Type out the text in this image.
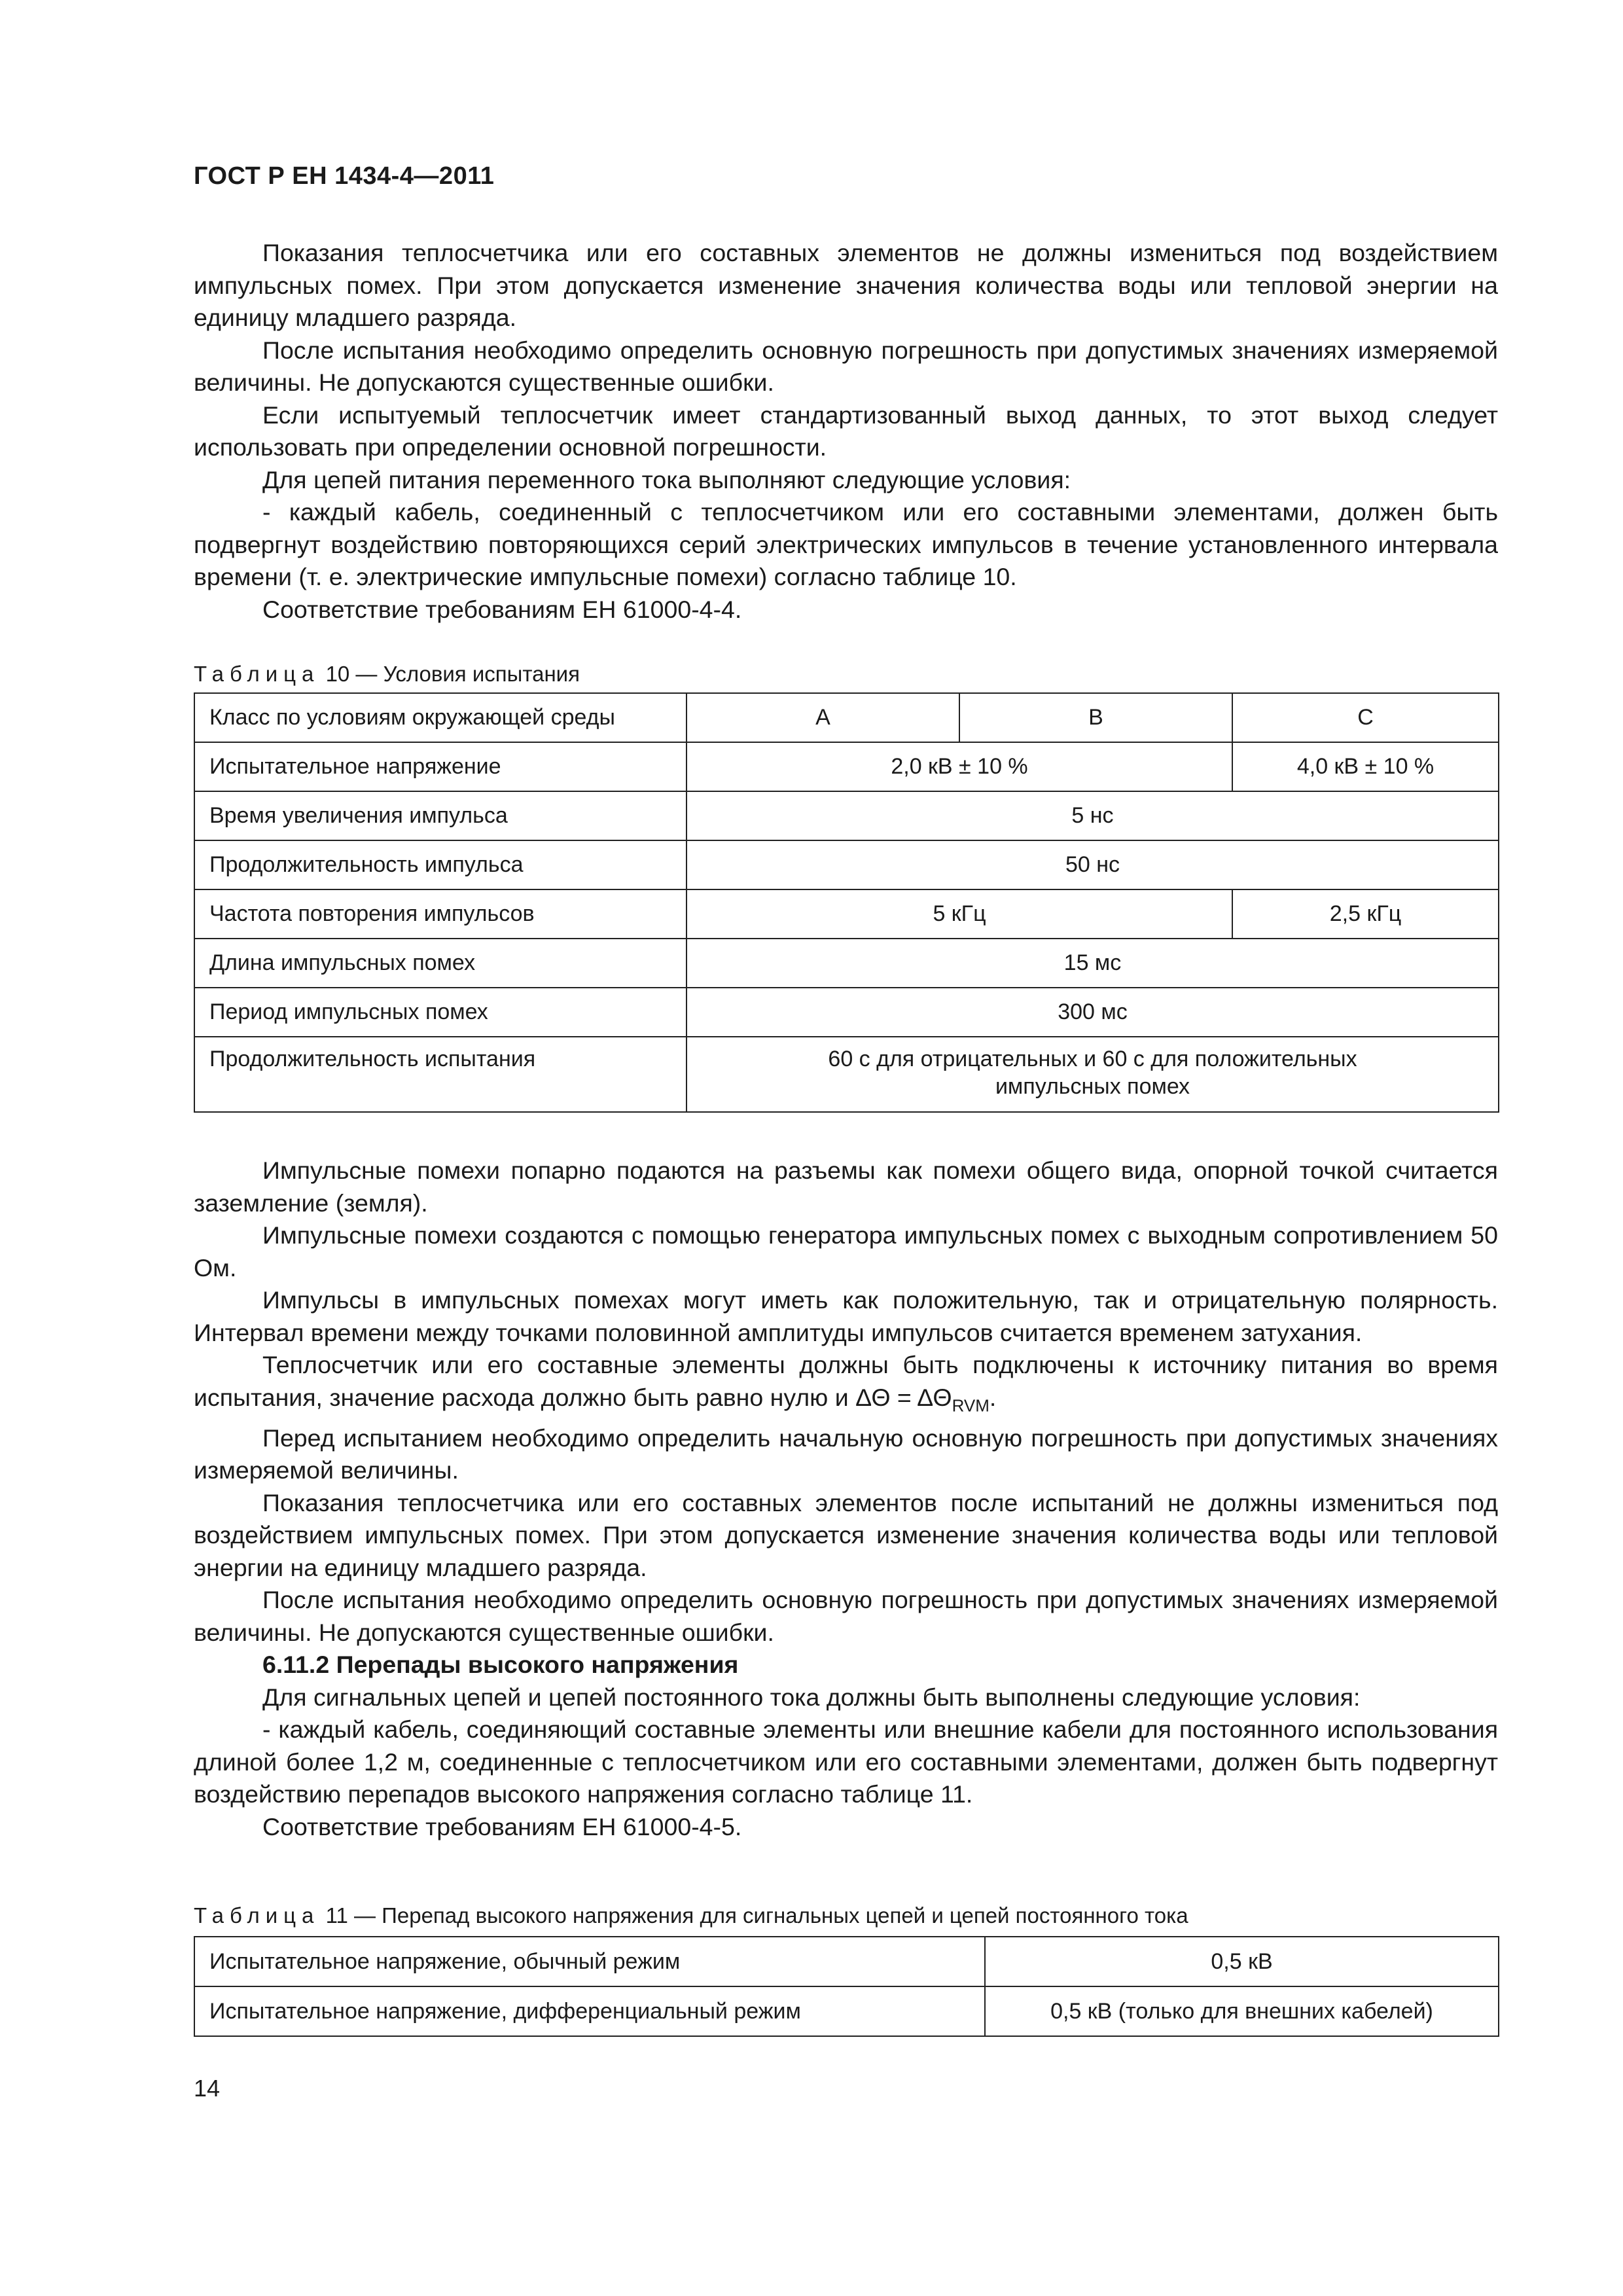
ГОСТ Р ЕН 1434-4—2011

Показания теплосчетчика или его составных элементов не должны измениться под воздействием импульсных помех. При этом допускается изменение значения количества воды или тепловой энергии на единицу младшего разряда.

После испытания необходимо определить основную погрешность при допустимых значениях измеряемой величины. Не допускаются существенные ошибки.

Если испытуемый теплосчетчик имеет стандартизованный выход данных, то этот выход следует использовать при определении основной погрешности.

Для цепей питания переменного тока выполняют следующие условия:

- каждый кабель, соединенный с теплосчетчиком или его составными элементами, должен быть подвергнут воздействию повторяющихся серий электрических импульсов в течение установленного интервала времени (т. е. электрические импульсные помехи) согласно таблице 10.

Соответствие требованиям ЕН 61000-4-4.

Таблица 10 — Условия испытания
Класс по условиям окружающей среды	A	B	C
Испытательное напряжение	2,0 кВ ± 10 %		4,0 кВ ± 10 %
Время увеличения импульса	5 нс		
Продолжительность импульса	50 нс		
Частота повторения импульсов	5 кГц		2,5 кГц
Длина импульсных помех	15 мс		
Период импульсных помех	300 мс		
Продолжительность испытания	60 с для отрицательных и 60 с для положительных импульсных помех		

Импульсные помехи попарно подаются на разъемы как помехи общего вида, опорной точкой считается заземление (земля).

Импульсные помехи создаются с помощью генератора импульсных помех с выходным сопротивлением 50 Ом.

Импульсы в импульсных помехах могут иметь как положительную, так и отрицательную полярность. Интервал времени между точками половинной амплитуды импульсов считается временем затухания.

Теплосчетчик или его составные элементы должны быть подключены к источнику питания во время испытания, значение расхода должно быть равно нулю и $\Delta\Theta = \Delta\Theta_{RVM}$.

Перед испытанием необходимо определить начальную основную погрешность при допустимых значениях измеряемой величины.

Показания теплосчетчика или его составных элементов после испытаний не должны измениться под воздействием импульсных помех. При этом допускается изменение значения количества воды или тепловой энергии на единицу младшего разряда.

После испытания необходимо определить основную погрешность при допустимых значениях измеряемой величины. Не допускаются существенные ошибки.

6.11.2 Перепады высокого напряжения

Для сигнальных цепей и цепей постоянного тока должны быть выполнены следующие условия:

- каждый кабель, соединяющий составные элементы или внешние кабели для постоянного использования длиной более 1,2 м, соединенные с теплосчетчиком или его составными элементами, должен быть подвергнут воздействию перепадов высокого напряжения согласно таблице 11.

Соответствие требованиям ЕН 61000-4-5.

Таблица 11 — Перепад высокого напряжения для сигнальных цепей и цепей постоянного тока
Испытательное напряжение, обычный режим	0,5 кВ
Испытательное напряжение, дифференциальный режим	0,5 кВ (только для внешних кабелей)
14
